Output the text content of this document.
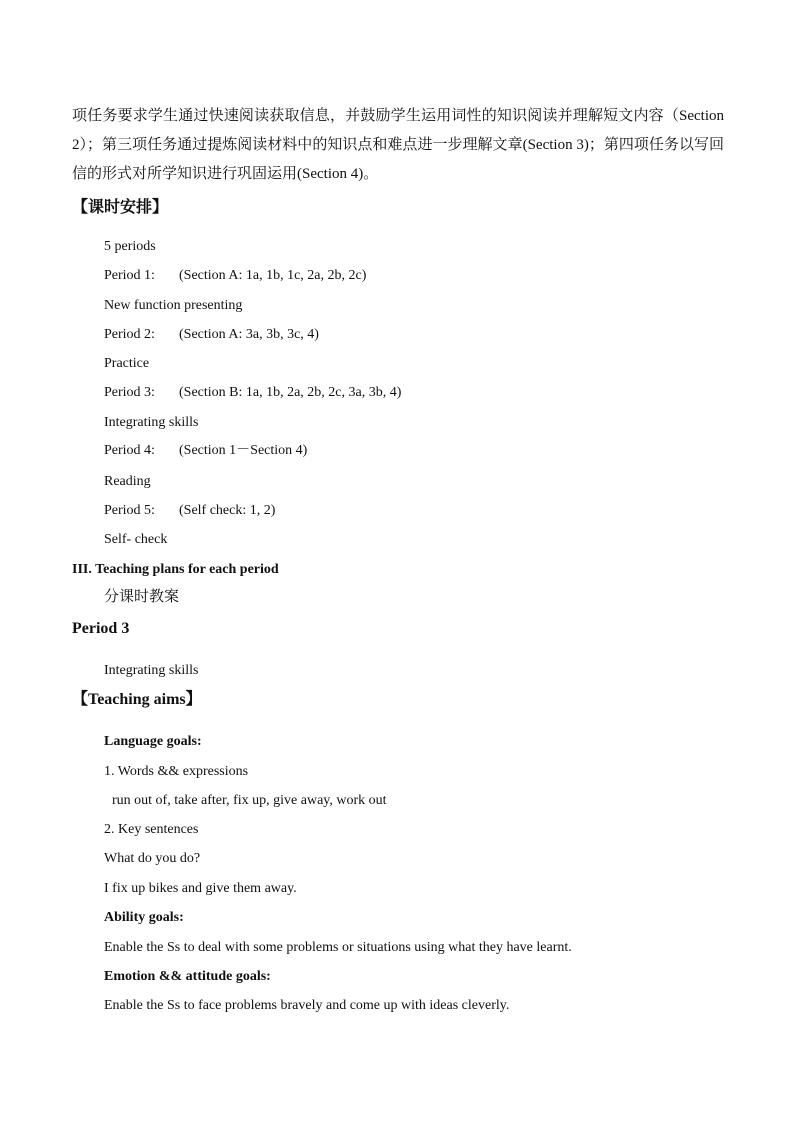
项任务要求学生通过快速阅读获取信息，并鼓励学生运用词性的知识阅读并理解短文内容（Section 2）；第三项任务通过提炼阅读材料中的知识点和难点进一步理解文章(Section 3)；第四项任务以写回信的形式对所学知识进行巩固运用(Section 4)。

【课时安排】
5 periods
Period 1: (Section A: 1a, 1b, 1c, 2a, 2b, 2c)
New function presenting
Period 2: (Section A: 3a, 3b, 3c, 4)
Practice
Period 3: (Section B: 1a, 1b, 2a, 2b, 2c, 3a, 3b, 4)
Integrating skills
Period 4: (Section 1－Section 4)
Reading
Period 5: (Self check: 1, 2)
Self- check
III. Teaching plans for each period
分课时教案
Period 3
Integrating skills
【Teaching aims】
Language goals:
1. Words && expressions
run out of, take after, fix up, give away, work out
2. Key sentences
What do you do?
I fix up bikes and give them away.
Ability goals:
Enable the Ss to deal with some problems or situations using what they have learnt.
Emotion && attitude goals:
Enable the Ss to face problems bravely and come up with ideas cleverly.
